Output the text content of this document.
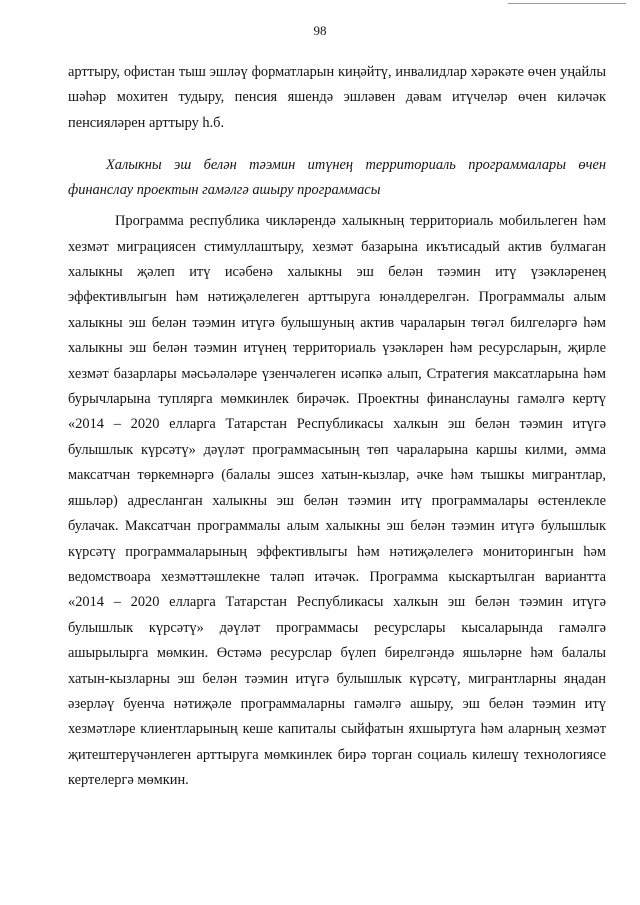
98

арттыру, офистан тыш эшләү форматларын киңәйтү, инвалидлар хәрәкәте өчен уңайлы шәһәр мохитен тудыру, пенсия яшендә эшләвен дәвам итүчеләр өчен киләчәк пенсияләрен арттыру һ.б.

Халыкны эш белән тәэмин итүнең территориаль программалары өчен финанслау проектын гамәлгә ашыру программасы

Программа республика чикләрендә халыкның территориаль мобильлеген һәм хезмәт миграциясен стимуллаштыру, хезмәт базарына икътисадый актив булмаган халыкны җәлеп итү исәбенә халыкны эш белән тәэмин итү үзәкләренең эффективлыгын һәм нәтиҗәлелеген арттыруга юнәлдерелгән. Программалы алым халыкны эш белән тәэмин итүгә булышуның актив чараларын төгәл билгеләргә һәм халыкны эш белән тәэмин итүнең территориаль үзәкләрен һәм ресурсларын, җирле хезмәт базарлары мәсьәләләре үзенчәлеген исәпкә алып, Стратегия максатларына һәм бурычларына туплярга мөмкинлек бирәчәк. Проектны финанслауны гамәлгә кертү «2014 – 2020 елларга Татарстан Республикасы халкын эш белән тәэмин итүгә булышлык күрсәтү» дәүләт программасының төп чараларына каршы килми, әмма максатчан төркемнәргә (балалы эшсез хатын-кызлар, әчке һәм тышкы мигрантлар, яшьләр) адресланган халыкны эш белән тәэмин итү программалары өстенлекле булачак. Максатчан программалы алым халыкны эш белән тәэмин итүгә булышлык күрсәтү программаларының эффективлыгы һәм нәтиҗәлелегә мониторингын һәм ведомствоара хезмәттәшлекне таләп итәчәк. Программа кыскартылган вариантта «2014 – 2020 елларга Татарстан Республикасы халкын эш белән тәэмин итүгә булышлык күрсәтү» дәүләт программасы ресурслары кысаларында гамәлгә ашырылырга мөмкин. Өстәмә ресурслар бүлеп бирелгәндә яшьләрне һәм балалы хатын-кызларны эш белән тәэмин итүгә булышлык күрсәтү, мигрантларны яңадан әзерләү буенча нәтиҗәле программаларны гамәлгә ашыру, эш белән тәэмин итү хезмәтләре клиентларының кеше капиталы сыйфатын яхшыртуга һәм аларның хезмәт җитештерүчәнлеген арттыруга мөмкинлек бирә торган социаль килешү технологиясе кертелергә мөмкин.
